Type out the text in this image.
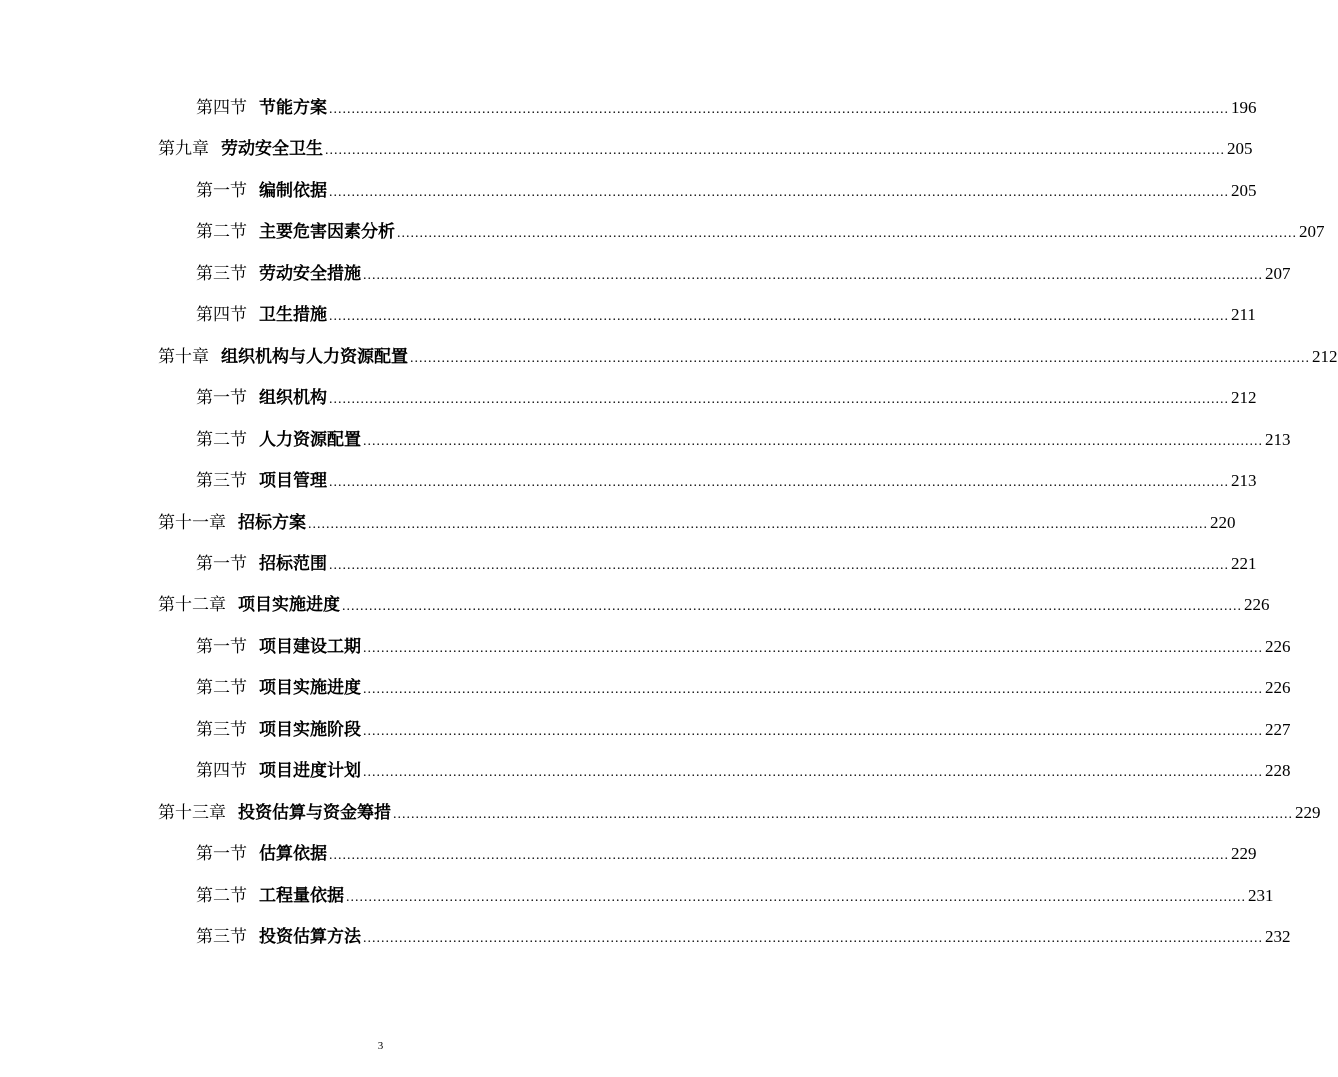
第四节 节能方案 ........................................................................................................................................................................................................ 196
第九章 劳动安全卫生 ........................................................................................................................................................................................................ 205
第一节 编制依据 ........................................................................................................................................................................................................ 205
第二节 主要危害因素分析 ........................................................................................................................................................................................................ 207
第三节 劳动安全措施 ........................................................................................................................................................................................................ 207
第四节 卫生措施 ........................................................................................................................................................................................................ 211
第十章 组织机构与人力资源配置 ........................................................................................................................................................................................................ 212
第一节 组织机构 ........................................................................................................................................................................................................ 212
第二节 人力资源配置 ........................................................................................................................................................................................................ 213
第三节 项目管理 ........................................................................................................................................................................................................ 213
第十一章 招标方案 ........................................................................................................................................................................................................ 220
第一节 招标范围 ........................................................................................................................................................................................................ 221
第十二章 项目实施进度 ........................................................................................................................................................................................................ 226
第一节 项目建设工期 ........................................................................................................................................................................................................ 226
第二节 项目实施进度 ........................................................................................................................................................................................................ 226
第三节 项目实施阶段 ........................................................................................................................................................................................................ 227
第四节 项目进度计划 ........................................................................................................................................................................................................ 228
第十三章 投资估算与资金筹措 ........................................................................................................................................................................................................ 229
第一节 估算依据 ........................................................................................................................................................................................................ 229
第二节 工程量依据 ........................................................................................................................................................................................................ 231
第三节 投资估算方法 ........................................................................................................................................................................................................ 232
3
